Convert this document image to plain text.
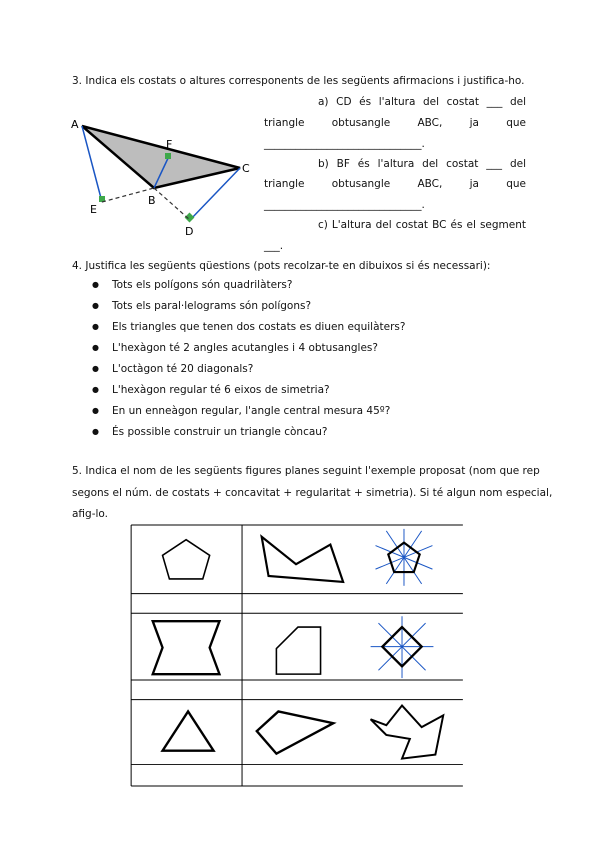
3. Indica els costats o altures corresponents de les següents afirmacions i justifica-ho.
a) CD és l'altura del costat ___ del
triangle obtusangle ABC, ja que
______________________________.
b) BF és l'altura del costat ___ del
triangle obtusangle ABC, ja que
______________________________.
c) L'altura del costat BC és el segment
___.
A
B
C
D
E
F
4. Justifica les següents qüestions (pots recolzar-te en dibuixos si és necessari):
● Tots els polígons són quadrilàters?
● Tots els paral·lelograms són polígons?
● Els triangles que tenen dos costats es diuen equilàters?
● L'hexàgon té 2 angles acutangles i 4 obtusangles?
● L'octàgon té 20 diagonals?
● L'hexàgon regular té 6 eixos de simetria?
● En un enneàgon regular, l'angle central mesura 45º?
● És possible construir un triangle còncau?
5. Indica el nom de les següents figures planes seguint l'exemple proposat (nom que rep
segons el núm. de costats + concavitat + regularitat + simetria). Si té algun nom especial,
afig-lo.
